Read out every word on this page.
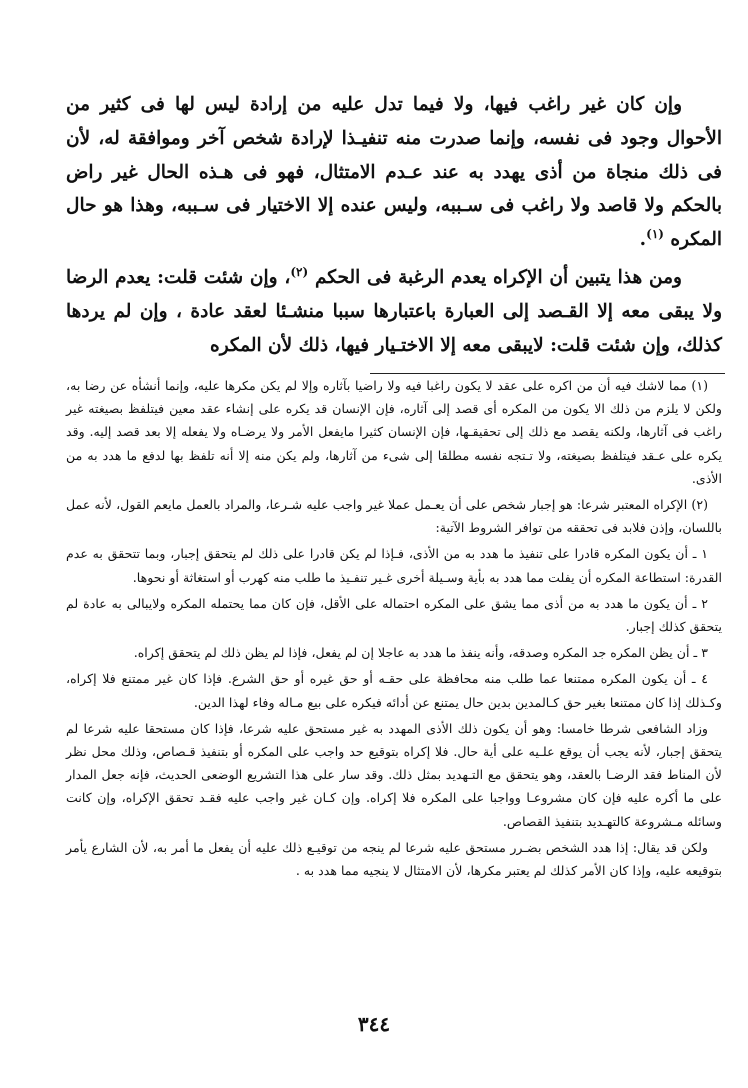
وإن كان غير راغب فيها، ولا فيما تدل عليه من إرادة ليس لها فى كثير من الأحوال وجود فى نفسه، وإنما صدرت منه تنفيـذا لإرادة شخص آخر وموافقة له، لأن فى ذلك منجاة من أذى يهدد به عند عـدم الامتثال، فهو فى هـذه الحال غير راض بالحكم ولا قاصد ولا راغب فى سـببه، وليس عنده إلا الاختيار فى سـببه، وهذا هو حال المكره $^{(١)}$.

ومن هذا يتبين أن الإكراه يعدم الرغبة فى الحكم $^{(٢)}$، وإن شئت قلت: يعدم الرضا ولا يبقى معه إلا القـصد إلى العبارة باعتبارها سببا منشـئا لعقد عادة ، وإن لم يردها كذلك، وإن شئت قلت: لايبقى معه إلا الاختـيار فيها، ذلك لأن المكره

(١) مما لاشك فيه أن من اكره على عقد لا يكون راغبا فيه ولا راضيا بآثاره وإلا لم يكن مكرها عليه، وإنما أنشأه عن رضا به، ولكن لا يلزم من ذلك الا يكون من المكره أى قصد إلى آثاره، فإن الإنسان قد يكره على إنشاء عقد معين فيتلفظ بصيغته غير راغب فى آثارها، ولكنه يقصد مع ذلك إلى تحقيقـها، فإن الإنسان كثيرا مايفعل الأمر ولا يرضـاه ولا يفعله إلا بعد قصد إليه. وقد يكره على عـقد فيتلفظ بصيغته، ولا تـتجه نفسه مطلقا إلى شىء من آثارها، ولم يكن منه إلا أنه تلفظ بها لدفع ما هدد به من الأذى.

(٢) الإكراه المعتبر شرعا: هو إجبار شخص على أن يعـمل عملا غير واجب عليه شـرعا، والمراد بالعمل مايعم القول، لأنه عمل باللسان، وإذن فلابد فى تحققه من توافر الشروط الآتية:

١ ـ أن يكون المكره قادرا على تنفيذ ما هدد به من الأذى، فـإذا لم يكن قادرا على ذلك لم يتحقق إجبار، وبما تتحقق به عدم القدرة: استطاعة المكره أن يفلت مما هدد به بأية وسـيلة أخرى غـير تنفـيذ ما طلب منه كهرب أو استغاثة أو نحوها.

٢ ـ أن يكون ما هدد به من أذى مما يشق على المكره احتماله على الأقل، فإن كان مما يحتمله المكره ولايبالى به عادة لم يتحقق كذلك إجبار.

٣ ـ أن يظن المكره جد المكره وصدقه، وأنه ينفذ ما هدد به عاجلا إن لم يفعل، فإذا لم يظن ذلك لم يتحقق إكراه.

٤ ـ أن يكون المكره ممتنعا عما طلب منه محافظة على حقـه أو حق غيره أو حق الشرع. فإذا كان غير ممتنع فلا إكراه، وكـذلك إذا كان ممتنعا بغير حق كـالمدين بدين حال يمتنع عن أدائه فيكره على بيع مـاله وفاء لهذا الدين.

وزاد الشافعى شرطا خامسا: وهو أن يكون ذلك الأذى المهدد به غير مستحق عليه شرعا، فإذا كان مستحقا عليه شرعا لم يتحقق إجبار، لأنه يجب أن يوقع علـيه على أية حال. فلا إكراه بتوقيع حد واجب على المكره أو بتنفيذ قـصاص، وذلك محل نظر لأن المناط فقد الرضـا بالعقد، وهو يتحقق مع التـهديد بمثل ذلك. وقد سار على هذا التشريع الوضعى الحديث، فإنه جعل المدار على ما أكره عليه فإن كان مشروعـا وواجبا على المكره فلا إكراه. وإن كـان غير واجب عليه فقـد تحقق الإكراه، وإن كانت وسائله مـشروعة كالتهـديد بتنفيذ القصاص.

ولكن قد يقال: إذا هدد الشخص بضـرر مستحق عليه شرعا لم ينجه من توقيـع ذلك عليه أن يفعل ما أمر به، لأن الشارع يأمر بتوقيعه عليه، وإذا كان الأمر كذلك لم يعتبر مكرها، لأن الامتثال لا ينجيه مما هدد به .

٣٤٤
